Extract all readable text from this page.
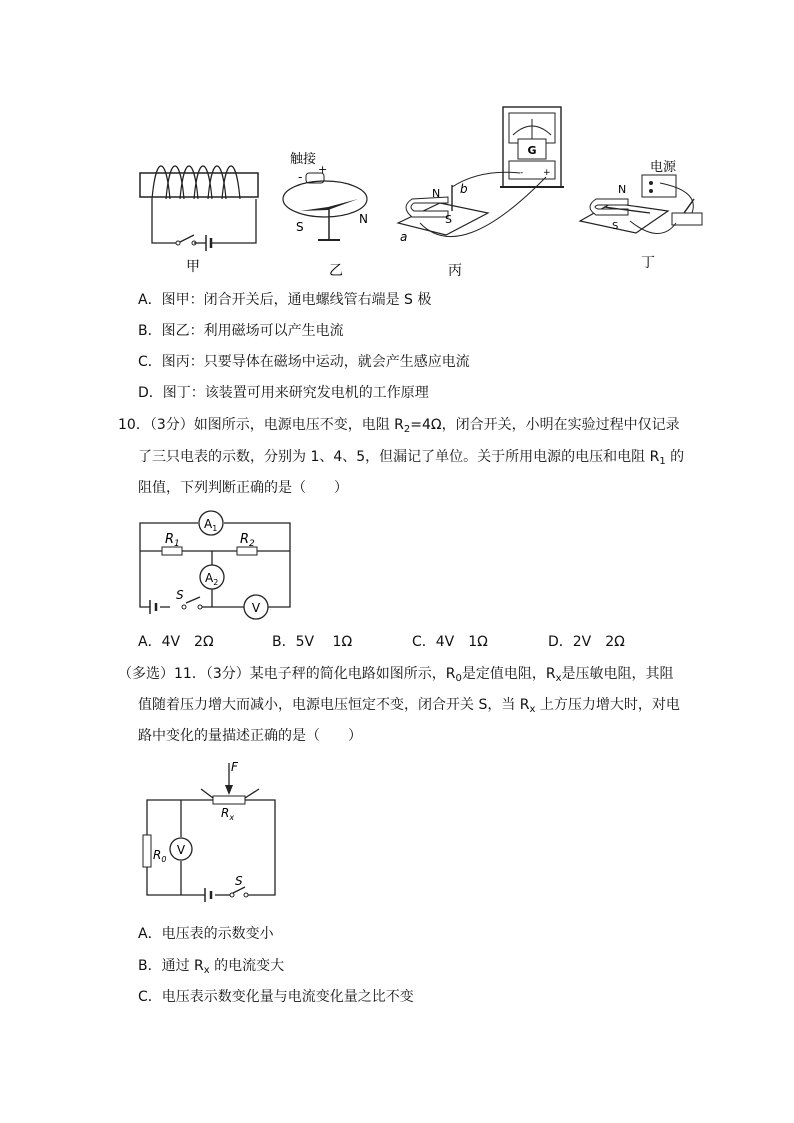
甲
触接
-
+
S
N
乙
G
- +
N
S
b
a
丙
电源
N
S
丁
A．图甲：闭合开关后，通电螺线管右端是 S 极
B．图乙：利用磁场可以产生电流
C．图丙：只要导体在磁场中运动，就会产生感应电流
D．图丁：该装置可用来研究发电机的工作原理
10．（3分）如图所示，电源电压不变，电阻 $R_2=4\Omega$，闭合开关，小明在实验过程中仅记录
了三只电表的示数，分别为 1、4、5，但漏记了单位。关于所用电源的电压和电阻 $R_1$ 的
阻值，下列判断正确的是（　　）
S
$R_1$	$R_2$
$A_1$
$A_2$
V
A．4V　2Ω	B．5V　 1Ω	C．4V　1Ω	D．2V　2Ω
（多选）11．（3分）某电子秤的简化电路如图所示，$R_0$是定值电阻，$R_x$是压敏电阻，其阻
值随着压力增大而减小，电源电压恒定不变，闭合开关 S，当 $R_x$ 上方压力增大时，对电
路中变化的量描述正确的是（　　）
S
F
$R_x$
$R_0$
V
A．电压表的示数变小
B．通过 $R_x$ 的电流变大
C．电压表示数变化量与电流变化量之比不变
